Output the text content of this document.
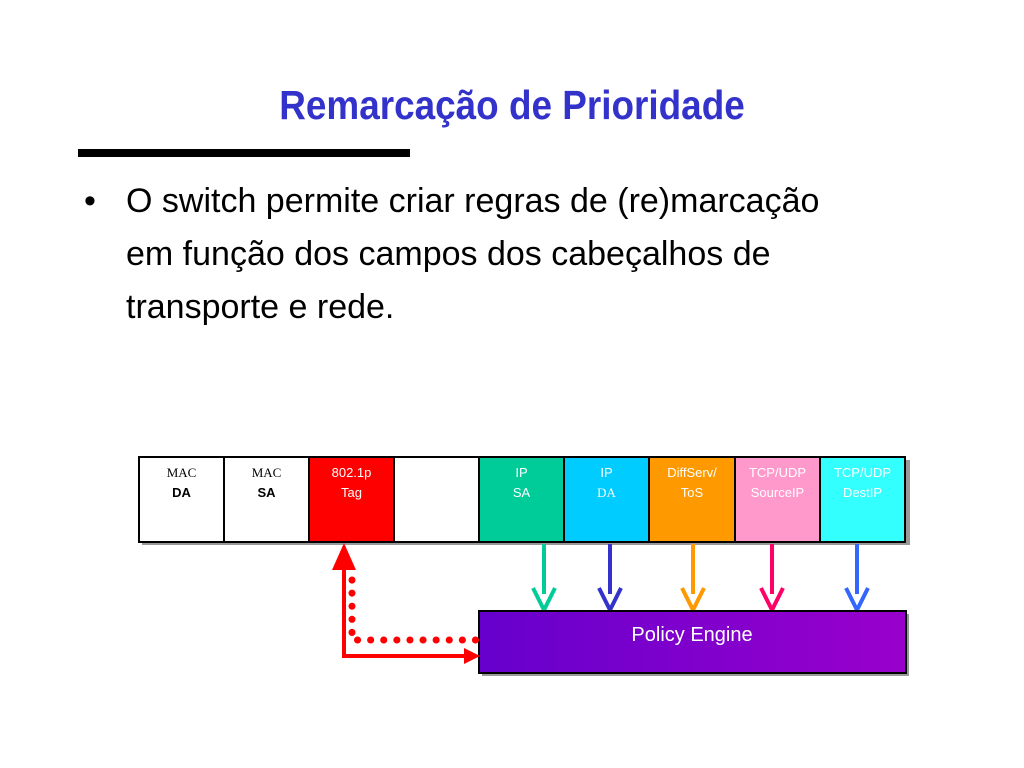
Remarcação de Prioridade
• O switch permite criar regras de (re)marcação
em função dos campos dos cabeçalhos de
transporte e rede.
MAC
DA
MAC
SA
802.1p
Tag
IP
SA
IP
DA
DiffServ/
ToS
TCP/UDP
SourceIP
TCP/UDP
DestIP
Policy Engine
